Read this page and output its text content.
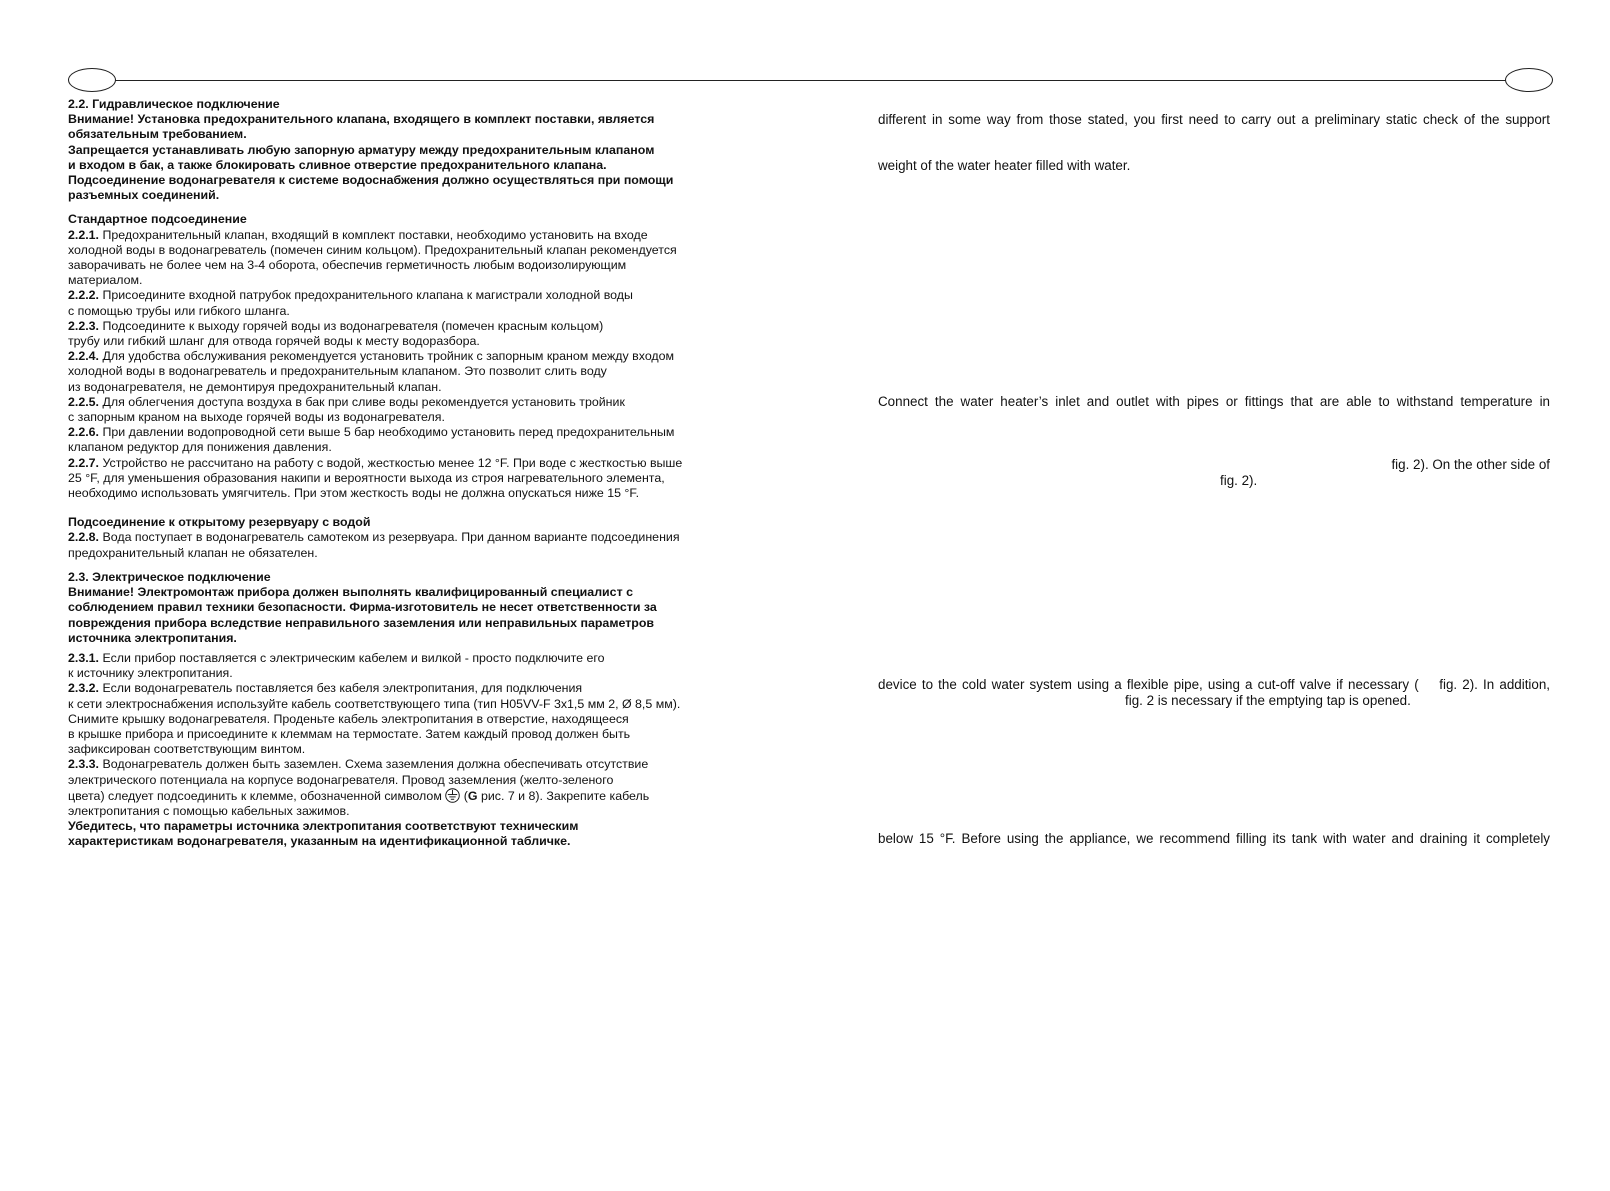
2.2. Гидравлическое подключение

Внимание! Установка предохранительного клапана, входящего в комплект поставки, является

обязательным требованием.

Запрещается устанавливать любую запорную арматуру между предохранительным клапаном

и входом в бак, а также блокировать сливное отверстие предохранительного клапана.

Подсоединение водонагревателя к системе водоснабжения должно осуществляться при помощи

разъемных соединений.

Стандартное подсоединение

2.2.1. Предохранительный клапан, входящий в комплект поставки, необходимо установить на входе

холодной воды в водонагреватель (помечен синим кольцом). Предохранительный клапан рекомендуется

заворачивать не более чем на 3-4 оборота, обеспечив герметичность любым водоизолирующим

материалом.

2.2.2. Присоедините входной патрубок предохранительного клапана к магистрали холодной воды

с помощью трубы или гибкого шланга.

2.2.3. Подсоедините к выходу горячей воды из водонагревателя (помечен красным кольцом)

трубу или гибкий шланг для отвода горячей воды к месту водоразбора.

2.2.4. Для удобства обслуживания рекомендуется установить тройник с запорным краном между входом

холодной воды в водонагреватель и предохранительным клапаном. Это позволит слить воду

из водонагревателя, не демонтируя предохранительный клапан.

2.2.5. Для облегчения доступа воздуха в бак при сливе воды рекомендуется установить тройник

с запорным краном на выходе горячей воды из водонагревателя.

2.2.6. При давлении водопроводной сети выше 5 бар необходимо установить перед предохранительным

клапаном редуктор для понижения давления.

2.2.7. Устройство не рассчитано на работу с водой, жесткостью менее 12 °F. При воде с жесткостью выше

25 °F, для уменьшения образования накипи и вероятности выхода из строя нагревательного элемента,

необходимо использовать умягчитель. При этом жесткость воды не должна опускаться ниже 15 °F.

Подсоединение к открытому резервуару с водой

2.2.8. Вода поступает в водонагреватель самотеком из резервуара. При данном варианте подсоединения

предохранительный клапан не обязателен.

2.3. Электрическое подключение

Внимание! Электромонтаж прибора должен выполнять квалифицированный специалист с

соблюдением правил техники безопасности. Фирма-изготовитель не несет ответственности за

повреждения прибора вследствие неправильного заземления или неправильных параметров

источника электропитания.

2.3.1. Если прибор поставляется с электрическим кабелем и вилкой - просто подключите его

к источнику электропитания.

2.3.2. Если водонагреватель поставляется без кабеля электропитания, для подключения

к сети электроснабжения используйте кабель соответствующего типа (тип H05VV-F 3x1,5 мм 2, Ø 8,5 мм).

Снимите крышку водонагревателя. Проденьте кабель электропитания в отверстие, находящееся

в крышке прибора и присоедините к клеммам на термостате. Затем каждый провод должен быть

зафиксирован соответствующим винтом.

2.3.3. Водонагреватель должен быть заземлен. Схема заземления должна обеспечивать отсутствие

электрического потенциала на корпусе водонагревателя. Провод заземления (желто-зеленого

цвета) следует подсоединить к клемме, обозначенной символом  (G рис. 7 и 8). Закрепите кабель

электропитания с помощью кабельных зажимов.

Убедитесь, что параметры источника электропитания соответствуют техническим

характеристикам водонагревателя, указанным на идентификационной табличке.

different in some way from those stated, you first need to carry out a preliminary static check of the support

weight of the water heater filled with water.

Connect the water heater’s inlet and outlet with pipes or fittings that are able to withstand temperature in

fig. 2). On the other side of

fig. 2).

device to the cold water system using a flexible pipe, using a cut-off valve if necessary (    fig. 2). In addition,

fig. 2 is necessary if the emptying tap is opened.

below 15 °F. Before using the appliance, we recommend filling its tank with water and draining it completely
